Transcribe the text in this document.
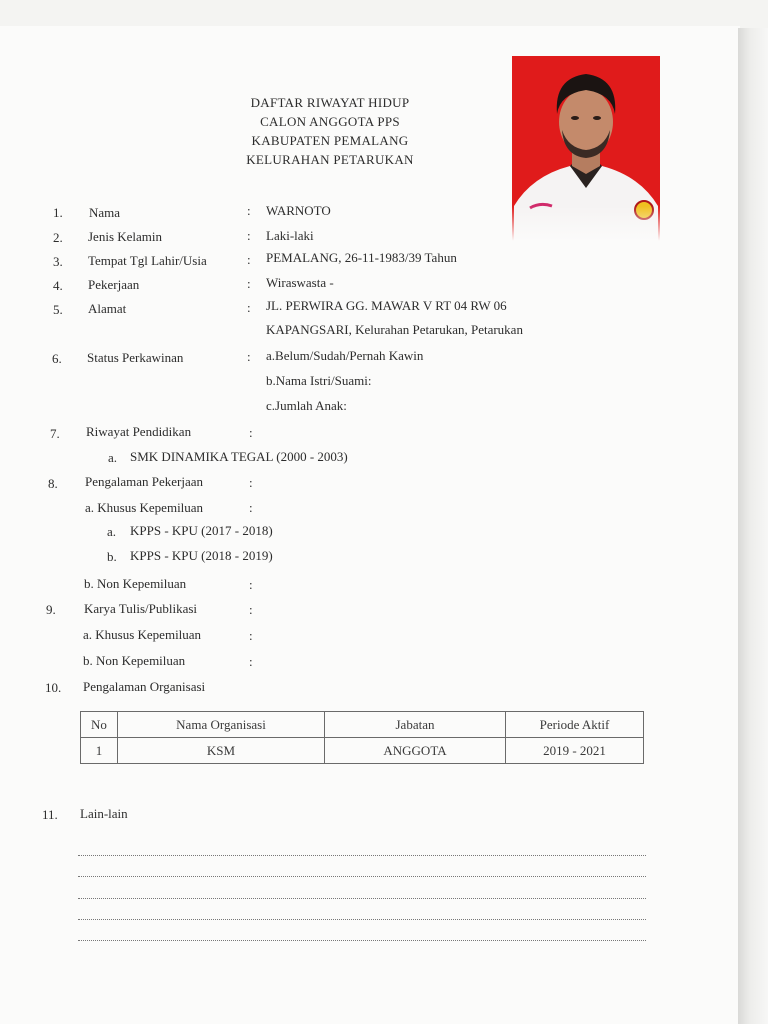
DAFTAR RIWAYAT HIDUP
CALON ANGGOTA PPS
KABUPATEN PEMALANG
KELURAHAN PETARUKAN
1. Nama	: WARNOTO
2. Jenis Kelamin	: Laki-laki
3. Tempat Tgl Lahir/Usia	: PEMALANG, 26-11-1983/39 Tahun
4. Pekerjaan	: Wiraswasta -
5. Alamat	: JL. PERWIRA GG. MAWAR V RT 04 RW 06
KAPANGSARI, Kelurahan Petarukan, Petarukan
6. Status Perkawinan	: a.Belum/Sudah/Pernah Kawin
b.Nama Istri/Suami:
c.Jumlah Anak:
7. Riwayat Pendidikan	:
a. SMK DINAMIKA TEGAL (2000 - 2003)
8. Pengalaman Pekerjaan	:
a. Khusus Kepemiluan	:
a. KPPS - KPU (2017 - 2018)
b. KPPS - KPU (2018 - 2019)
b. Non Kepemiluan	:
9. Karya Tulis/Publikasi	:
a. Khusus Kepemiluan	:
b. Non Kepemiluan	:
10. Pengalaman Organisasi
No	Nama Organisasi	Jabatan	Periode Aktif
1	KSM	ANGGOTA	2019 - 2021
11. Lain-lain
